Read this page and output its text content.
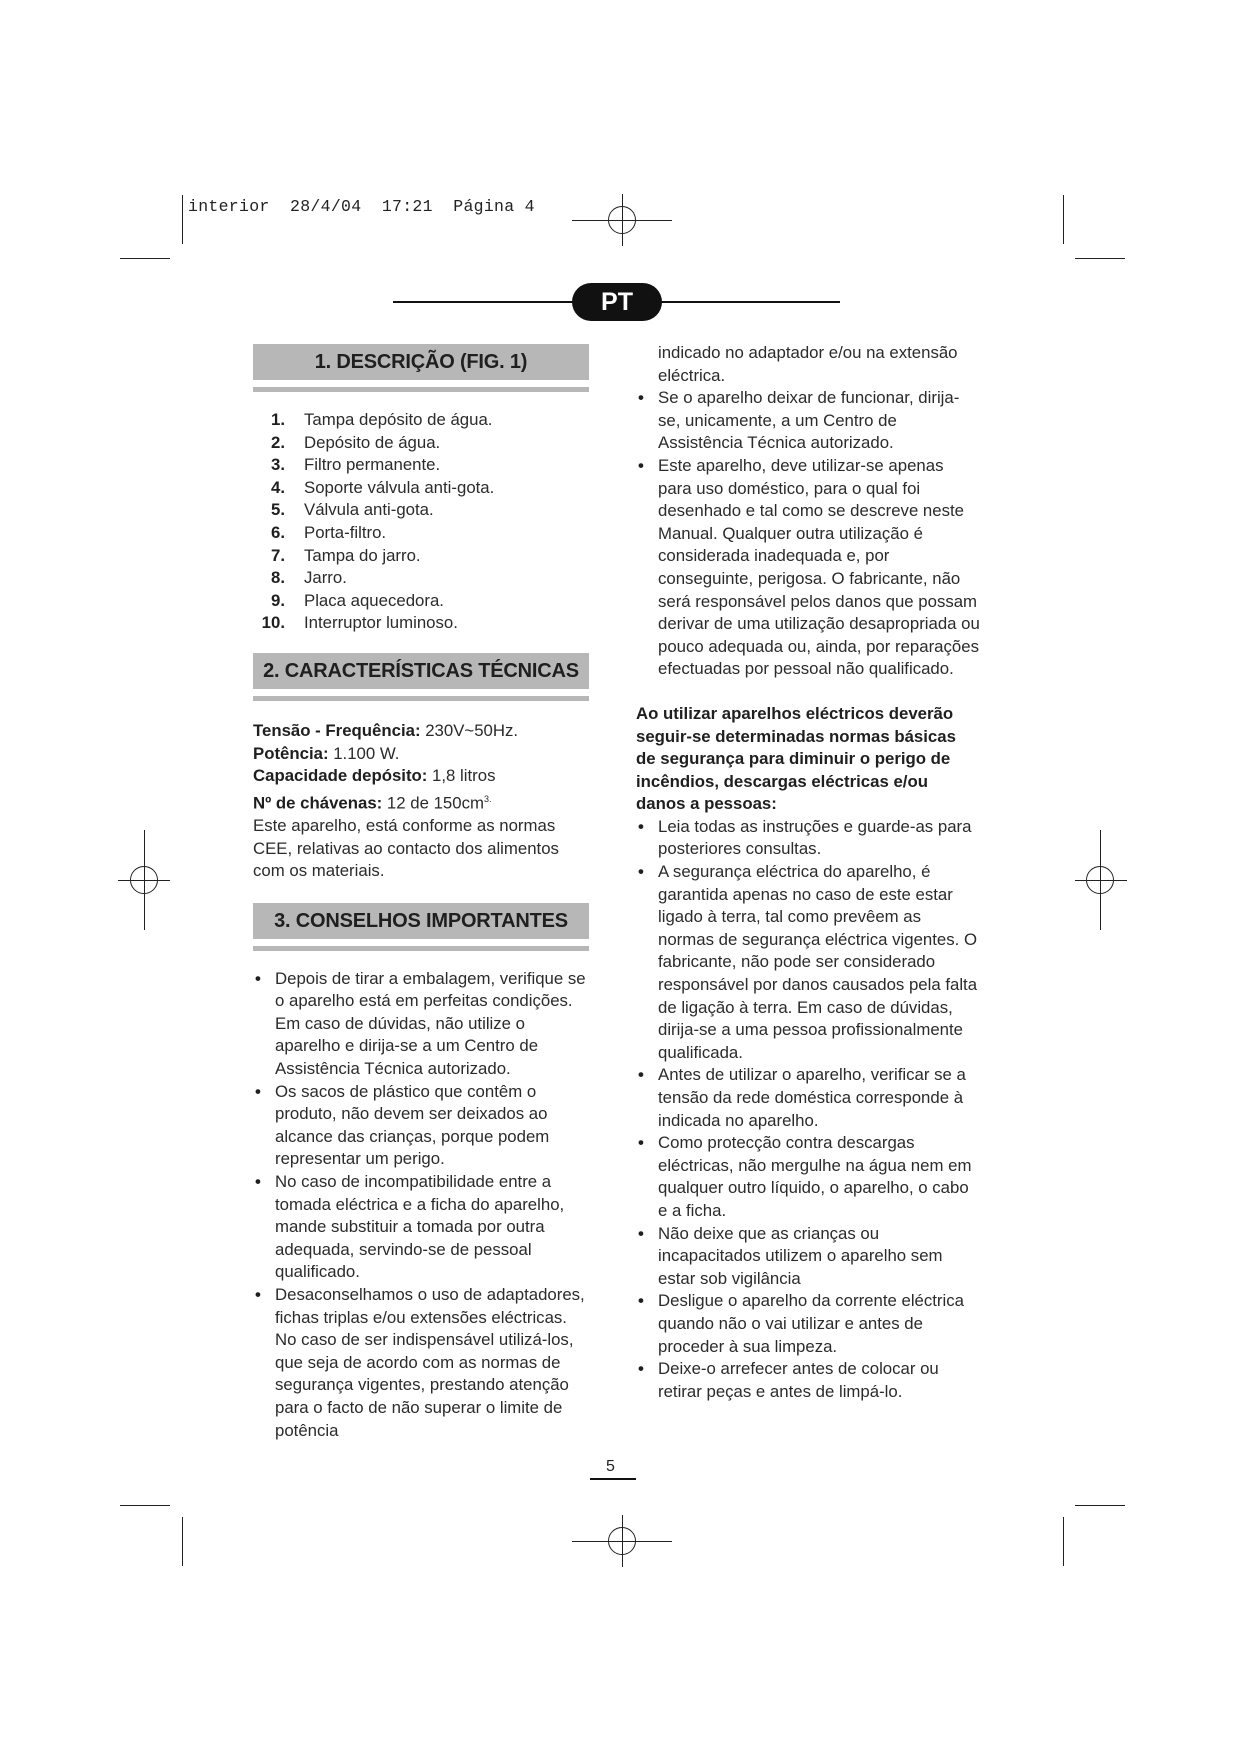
interior  28/4/04  17:21  Página 4
PT
1. DESCRIÇÃO (FIG. 1)
1. Tampa depósito de água.
2. Depósito de água.
3. Filtro permanente.
4. Soporte válvula anti-gota.
5. Válvula anti-gota.
6. Porta-filtro.
7. Tampa do jarro.
8. Jarro.
9. Placa aquecedora.
10. Interruptor luminoso.
2. CARACTERÍSTICAS TÉCNICAS
Tensão - Frequência: 230V~50Hz.
Potência: 1.100 W.
Capacidade depósito: 1,8 litros
Nº de chávenas: 12 de $150cm^{3.}$
Este aparelho, está conforme as normas CEE, relativas ao contacto dos alimentos com os materiais.
3. CONSELHOS IMPORTANTES
• Depois de tirar a embalagem, verifique se o aparelho está em perfeitas condições. Em caso de dúvidas, não utilize o aparelho e dirija-se a um Centro de Assistência Técnica autorizado.
• Os sacos de plástico que contêm o produto, não devem ser deixados ao alcance das crianças, porque podem representar um perigo.
• No caso de incompatibilidade entre a tomada eléctrica e a ficha do aparelho, mande substituir a tomada por outra adequada, servindo-se de pessoal qualificado.
• Desaconselhamos o uso de adaptadores, fichas triplas e/ou extensões eléctricas. No caso de ser indispensável utilizá-los, que seja de acordo com as normas de segurança vigentes, prestando atenção para o facto de não superar o limite de potência
indicado no adaptador e/ou na extensão eléctrica.
• Se o aparelho deixar de funcionar, dirija-se, unicamente, a um Centro de Assistência Técnica autorizado.
• Este aparelho, deve utilizar-se apenas para uso doméstico, para o qual foi desenhado e tal como se descreve neste Manual. Qualquer outra utilização é considerada inadequada e, por conseguinte, perigosa. O fabricante, não será responsável pelos danos que possam derivar de uma utilização desapropriada ou pouco adequada ou, ainda, por reparações efectuadas por pessoal não qualificado.
Ao utilizar aparelhos eléctricos deverão seguir-se determinadas normas básicas de segurança para diminuir o perigo de incêndios, descargas eléctricas e/ou danos a pessoas:
• Leia todas as instruções e guarde-as para posteriores consultas.
• A segurança eléctrica do aparelho, é garantida apenas no caso de este estar ligado à terra, tal como prevêem as normas de segurança eléctrica vigentes. O fabricante, não pode ser considerado responsável por danos causados pela falta de ligação à terra. Em caso de dúvidas, dirija-se a uma pessoa profissionalmente qualificada.
• Antes de utilizar o aparelho, verificar se a tensão da rede doméstica corresponde à indicada no aparelho.
• Como protecção contra descargas eléctricas, não mergulhe na água nem em qualquer outro líquido, o aparelho, o cabo e a ficha.
• Não deixe que as crianças ou incapacitados utilizem o aparelho sem estar sob vigilância
• Desligue o aparelho da corrente eléctrica quando não o vai utilizar e antes de proceder à sua limpeza.
• Deixe-o arrefecer antes de colocar ou retirar peças e antes de limpá-lo.
5
